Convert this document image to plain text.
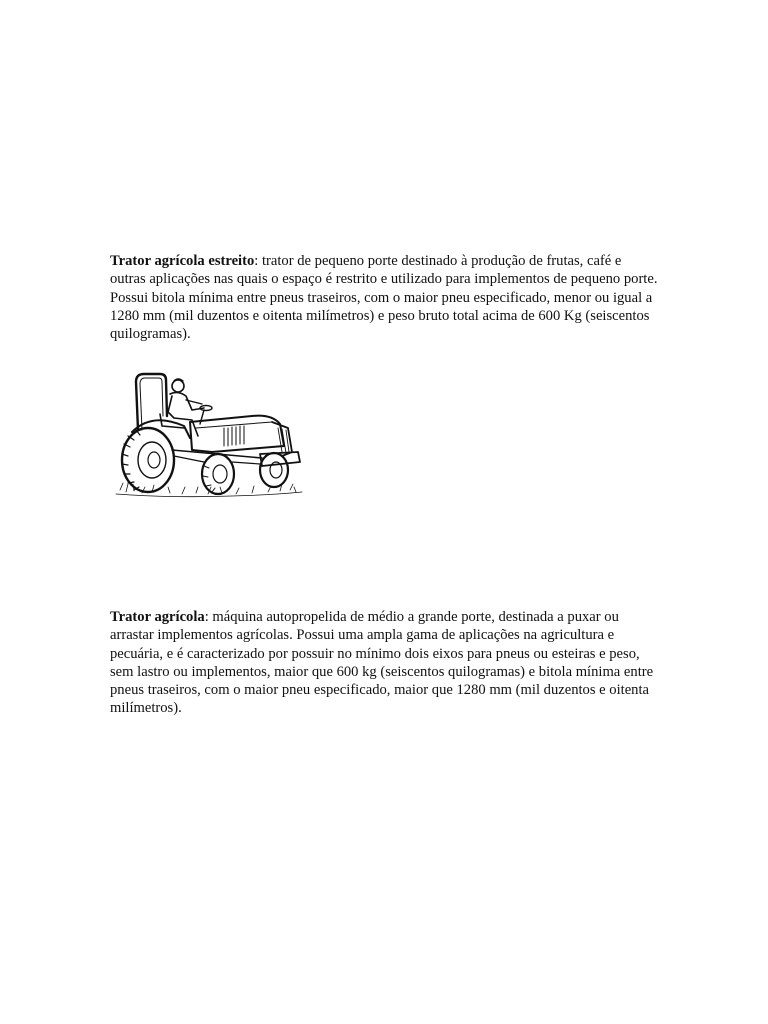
Trator agrícola estreito: trator de pequeno porte destinado à produção de frutas, café e outras aplicações nas quais o espaço é restrito e utilizado para implementos de pequeno porte. Possui bitola mínima entre pneus traseiros, com o maior pneu especificado, menor ou igual a 1280 mm (mil duzentos e oitenta milímetros) e peso bruto total acima de 600 Kg (seiscentos quilogramas).

Trator agrícola: máquina autopropelida de médio a grande porte, destinada a puxar ou arrastar implementos agrícolas. Possui uma ampla gama de aplicações na agricultura e pecuária, e é caracterizado por possuir no mínimo dois eixos para pneus ou esteiras e peso, sem lastro ou implementos, maior que 600 kg (seiscentos quilogramas) e bitola mínima entre pneus traseiros, com o maior pneu especificado, maior que 1280 mm (mil duzentos e oitenta milímetros).
